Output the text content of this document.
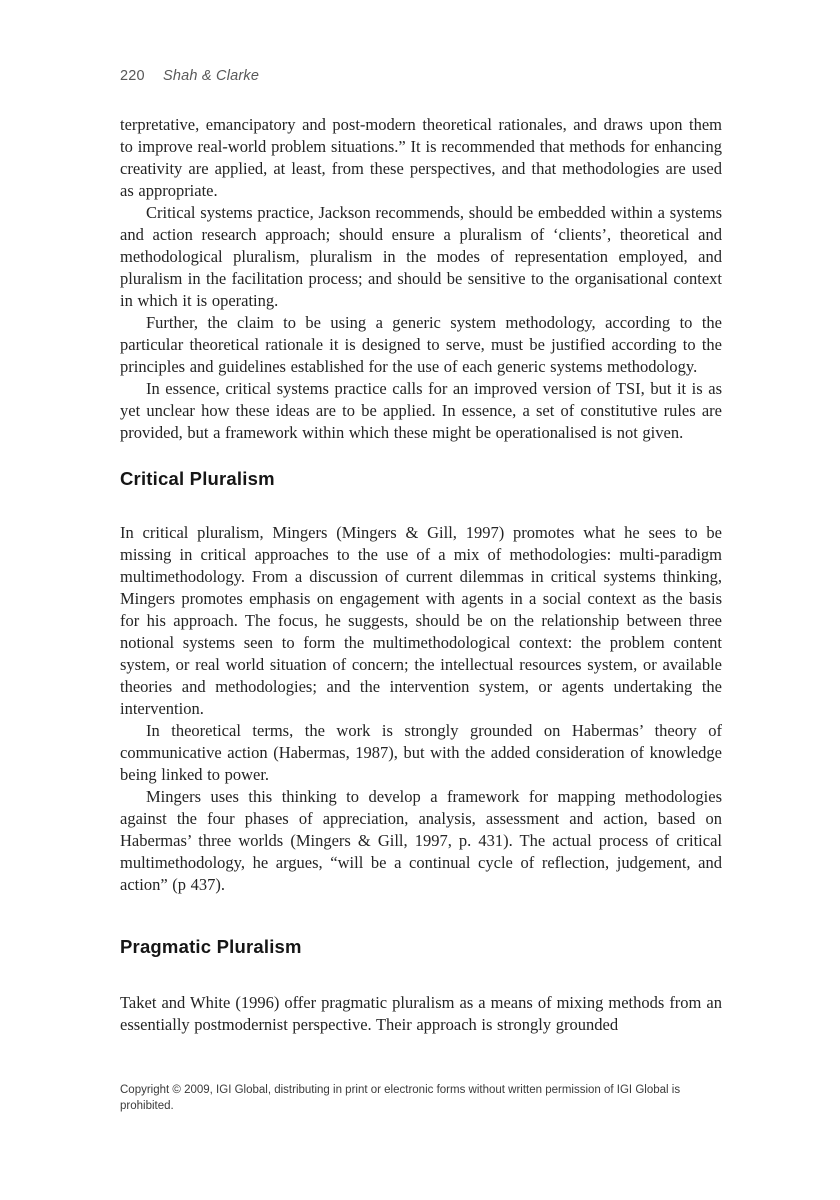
220 Shah & Clarke

terpretative, emancipatory and post-modern theoretical rationales, and draws upon them to improve real-world problem situations.” It is recommended that methods for enhancing creativity are applied, at least, from these perspectives, and that methodologies are used as appropriate.

Critical systems practice, Jackson recommends, should be embedded within a systems and action research approach; should ensure a pluralism of ‘clients’, theoretical and methodological pluralism, pluralism in the modes of representation employed, and pluralism in the facilitation process; and should be sensitive to the organisational context in which it is operating.

Further, the claim to be using a generic system methodology, according to the particular theoretical rationale it is designed to serve, must be justified according to the principles and guidelines established for the use of each generic systems methodology.

In essence, critical systems practice calls for an improved version of TSI, but it is as yet unclear how these ideas are to be applied. In essence, a set of constitutive rules are provided, but a framework within which these might be operationalised is not given.

Critical Pluralism

In critical pluralism, Mingers (Mingers & Gill, 1997) promotes what he sees to be missing in critical approaches to the use of a mix of methodologies: multi-paradigm multimethodology. From a discussion of current dilemmas in critical systems thinking, Mingers promotes emphasis on engagement with agents in a social context as the basis for his approach. The focus, he suggests, should be on the relationship between three notional systems seen to form the multimethodological context: the problem content system, or real world situation of concern; the intellectual resources system, or available theories and methodologies; and the intervention system, or agents undertaking the intervention.

In theoretical terms, the work is strongly grounded on Habermas’ theory of communicative action (Habermas, 1987), but with the added consideration of knowledge being linked to power.

Mingers uses this thinking to develop a framework for mapping methodologies against the four phases of appreciation, analysis, assessment and action, based on Habermas’ three worlds (Mingers & Gill, 1997, p. 431). The actual process of critical multimethodology, he argues, “will be a continual cycle of reflection, judgement, and action” (p 437).

Pragmatic Pluralism

Taket and White (1996) offer pragmatic pluralism as a means of mixing methods from an essentially postmodernist perspective. Their approach is strongly grounded

Copyright © 2009, IGI Global, distributing in print or electronic forms without written permission of IGI Global is prohibited.
